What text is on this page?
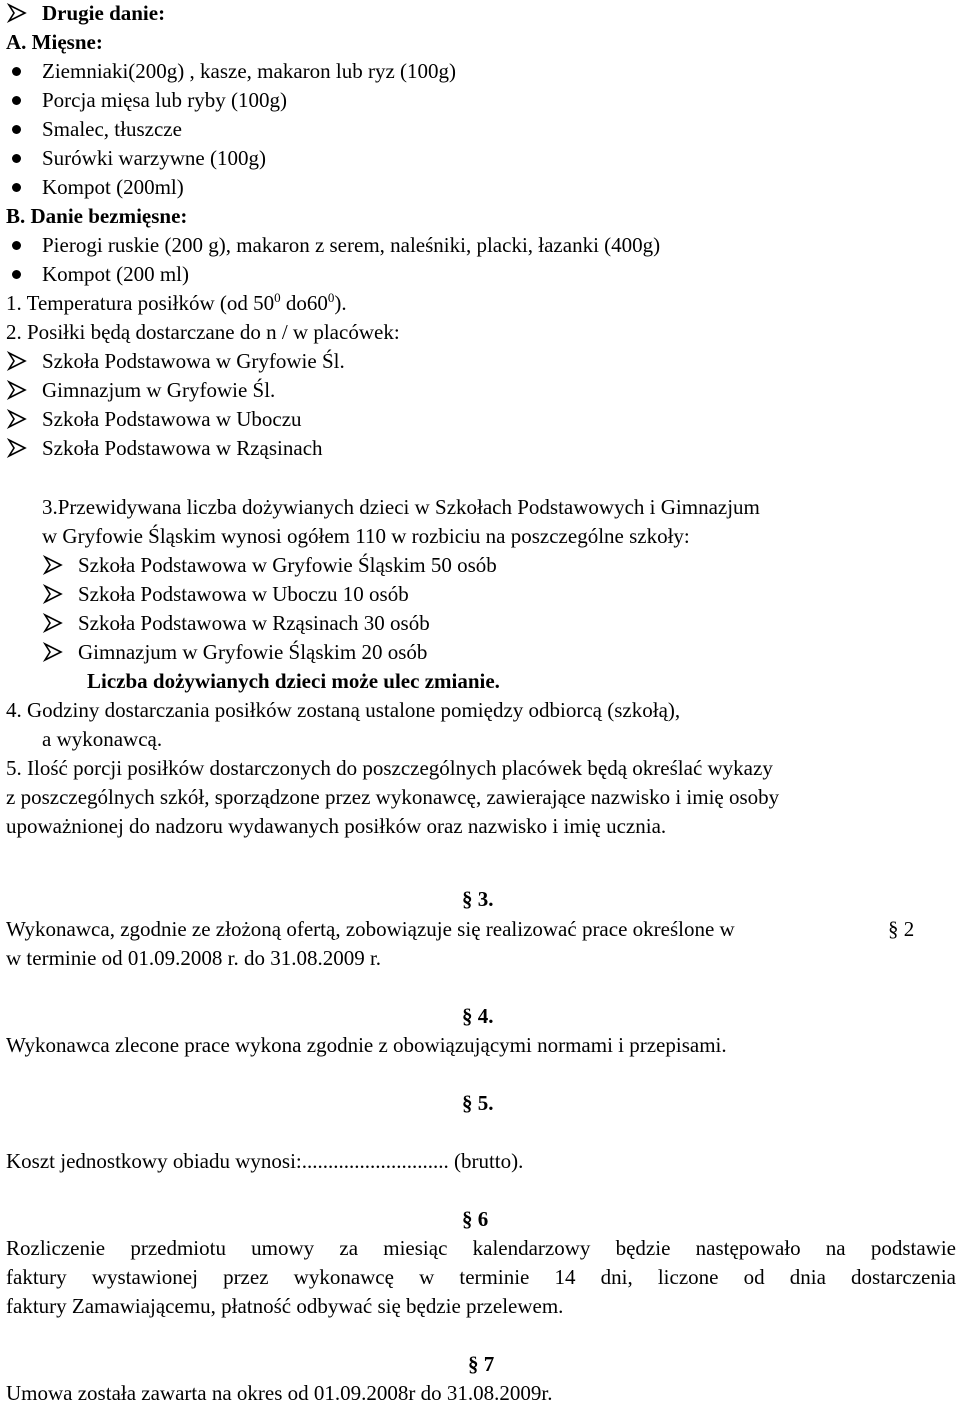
Drugie danie:
A. Mięsne:
Ziemniaki(200g) , kasze, makaron lub ryz (100g)
Porcja mięsa lub ryby (100g)
Smalec, tłuszcze
Surówki warzywne (100g)
Kompot (200ml)
B. Danie bezmięsne:
Pierogi ruskie (200 g), makaron z serem, naleśniki, placki, łazanki (400g)
Kompot (200 ml)
1. Temperatura posiłków (od $50^0$ $do60^0$).
2. Posiłki będą dostarczane do n / w placówek:
Szkoła Podstawowa w Gryfowie Śl.
Gimnazjum w Gryfowie Śl.
Szkoła Podstawowa w Uboczu
Szkoła Podstawowa w Rząsinach
3.Przewidywana liczba dożywianych dzieci w Szkołach Podstawowych i Gimnazjum
w Gryfowie Śląskim wynosi ogółem 110 w rozbiciu na poszczególne szkoły:
Szkoła Podstawowa w Gryfowie Śląskim 50 osób
Szkoła Podstawowa w Uboczu 10 osób
Szkoła Podstawowa w Rząsinach 30 osób
Gimnazjum w Gryfowie Śląskim 20 osób
Liczba dożywianych dzieci może ulec zmianie.
4. Godziny dostarczania posiłków zostaną ustalone pomiędzy odbiorcą (szkołą),
a wykonawcą.
5. Ilość porcji posiłków dostarczonych do poszczególnych placówek będą określać wykazy
z poszczególnych szkół, sporządzone przez wykonawcę, zawierające nazwisko i imię osoby
upoważnionej do nadzoru wydawanych posiłków oraz nazwisko i imię ucznia.
§ 3.
Wykonawca, zgodnie ze złożoną ofertą, zobowiązuje się realizować prace określone w	§ 2
w terminie od 01.09.2008 r. do 31.08.2009 r.
§ 4.
Wykonawca zlecone prace wykona zgodnie z obowiązującymi normami i przepisami.
§ 5.
Koszt jednostkowy obiadu wynosi:............................ (brutto).
§ 6
Rozliczenie przedmiotu umowy za miesiąc kalendarzowy będzie następowało na podstawie
faktury wystawionej przez wykonawcę w terminie 14 dni, liczone od dnia dostarczenia
faktury Zamawiającemu, płatność odbywać się będzie przelewem.
§ 7
Umowa została zawarta na okres od 01.09.2008r do 31.08.2009r.
